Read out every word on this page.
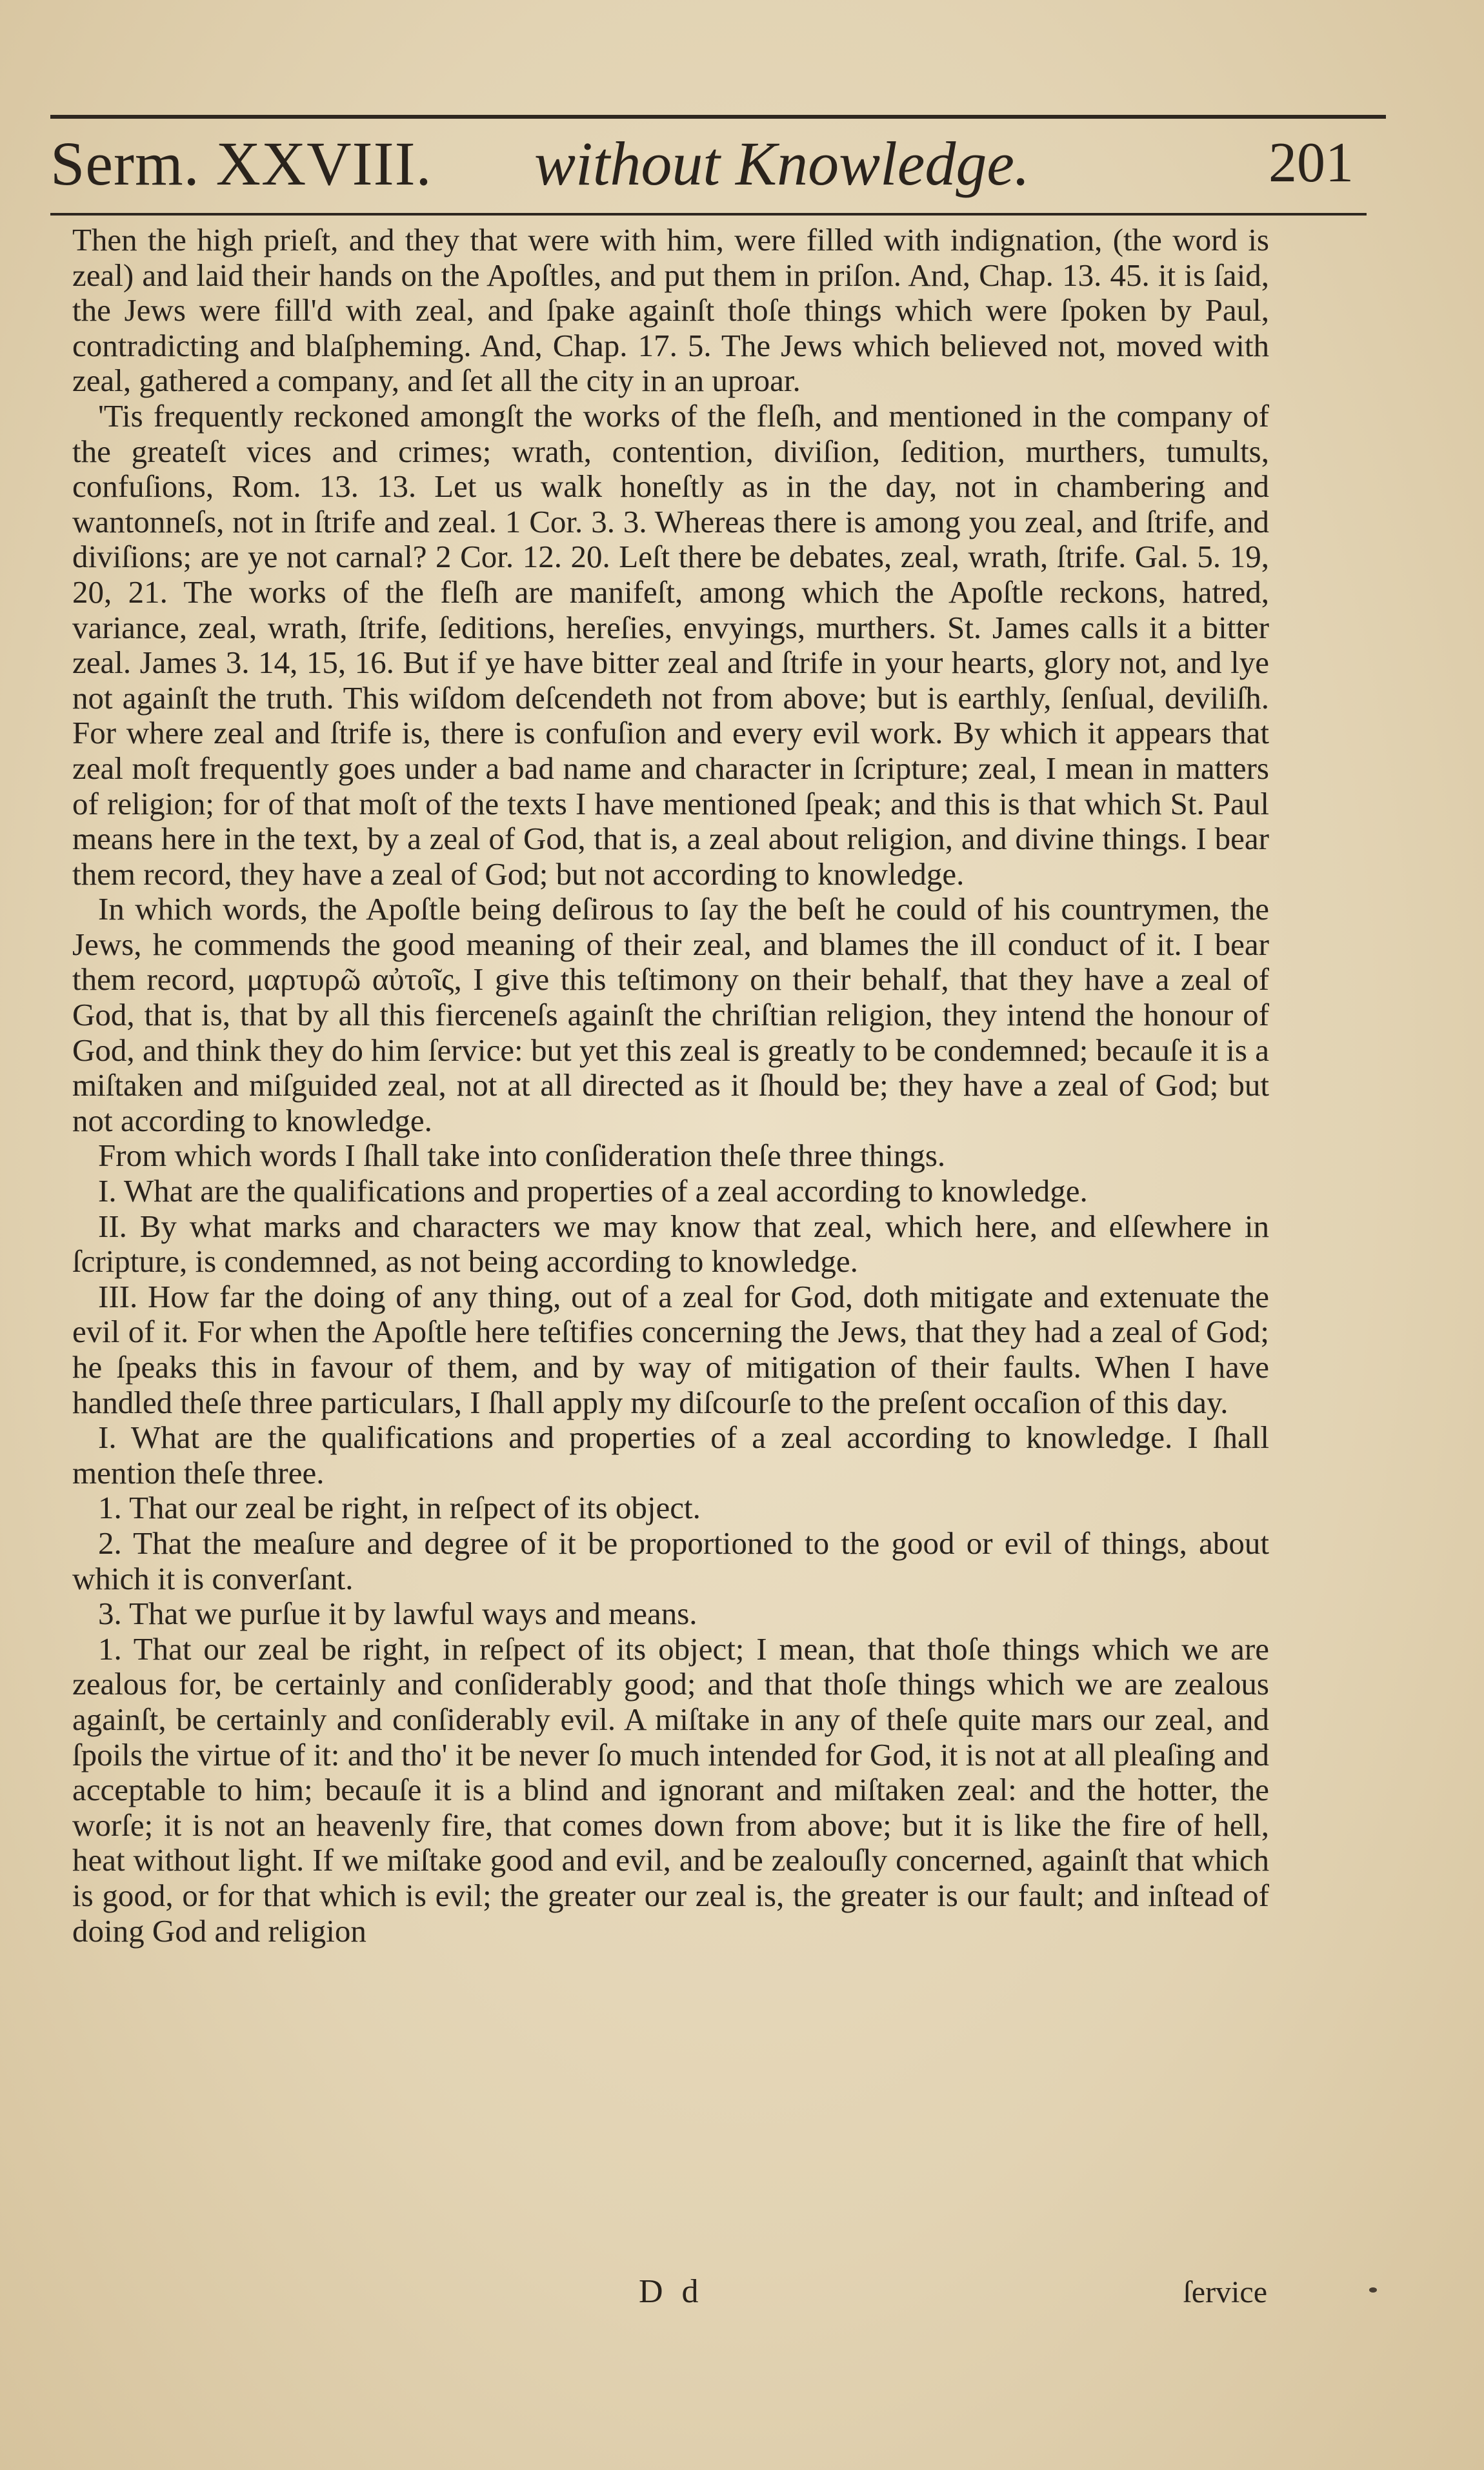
Serm. XXVIII. without Knowledge.	201

Then the high prieſt, and they that were with him, were filled with indignation, (the word is zeal) and laid their hands on the Apoſtles, and put them in priſon. And, Chap. 13. 45. it is ſaid, the Jews were fill'd with zeal, and ſpake againſt thoſe things which were ſpoken by Paul, contradicting and blaſpheming. And, Chap. 17. 5. The Jews which believed not, moved with zeal, gathered a company, and ſet all the city in an uproar.

'Tis frequently reckoned amongſt the works of the fleſh, and mentioned in the company of the greateſt vices and crimes; wrath, contention, diviſion, ſedition, murthers, tumults, confuſions, Rom. 13. 13. Let us walk honeſtly as in the day, not in chambering and wantonneſs, not in ſtrife and zeal. 1 Cor. 3. 3. Whereas there is among you zeal, and ſtrife, and diviſions; are ye not carnal? 2 Cor. 12. 20. Leſt there be debates, zeal, wrath, ſtrife. Gal. 5. 19, 20, 21. The works of the fleſh are manifeſt, among which the Apoſtle reckons, hatred, variance, zeal, wrath, ſtrife, ſeditions, hereſies, envyings, murthers. St. James calls it a bitter zeal. James 3. 14, 15, 16. But if ye have bitter zeal and ſtrife in your hearts, glory not, and lye not againſt the truth. This wiſdom deſcendeth not from above; but is earthly, ſenſual, deviliſh. For where zeal and ſtrife is, there is confuſion and every evil work. By which it appears that zeal moſt frequently goes under a bad name and character in ſcripture; zeal, I mean in matters of religion; for of that moſt of the texts I have mentioned ſpeak; and this is that which St. Paul means here in the text, by a zeal of God, that is, a zeal about religion, and divine things. I bear them record, they have a zeal of God; but not according to knowledge.

In which words, the Apoſtle being deſirous to ſay the beſt he could of his countrymen, the Jews, he commends the good meaning of their zeal, and blames the ill conduct of it. I bear them record, μαρτυρῶ αὐτοῖς, I give this teſtimony on their behalf, that they have a zeal of God, that is, that by all this fierceneſs againſt the chriſtian religion, they intend the honour of God, and think they do him ſervice: but yet this zeal is greatly to be condemned; becauſe it is a miſtaken and miſguided zeal, not at all directed as it ſhould be; they have a zeal of God; but not according to knowledge.

From which words I ſhall take into conſideration theſe three things.

I. What are the qualifications and properties of a zeal according to knowledge.

II. By what marks and characters we may know that zeal, which here, and elſewhere in ſcripture, is condemned, as not being according to knowledge.

III. How far the doing of any thing, out of a zeal for God, doth mitigate and extenuate the evil of it. For when the Apoſtle here teſtifies concerning the Jews, that they had a zeal of God; he ſpeaks this in favour of them, and by way of mitigation of their faults. When I have handled theſe three particulars, I ſhall apply my diſcourſe to the preſent occaſion of this day.

I. What are the qualifications and properties of a zeal according to knowledge. I ſhall mention theſe three.

1. That our zeal be right, in reſpect of its object.

2. That the meaſure and degree of it be proportioned to the good or evil of things, about which it is converſant.

3. That we purſue it by lawful ways and means.

1. That our zeal be right, in reſpect of its object; I mean, that thoſe things which we are zealous for, be certainly and conſiderably good; and that thoſe things which we are zealous againſt, be certainly and conſiderably evil. A miſtake in any of theſe quite mars our zeal, and ſpoils the virtue of it: and tho' it be never ſo much intended for God, it is not at all pleaſing and acceptable to him; becauſe it is a blind and ignorant and miſtaken zeal: and the hotter, the worſe; it is not an heavenly fire, that comes down from above; but it is like the fire of hell, heat without light. If we miſtake good and evil, and be zealouſly concerned, againſt that which is good, or for that which is evil; the greater our zeal is, the greater is our fault; and inſtead of doing God and religion

D d	ſervice
